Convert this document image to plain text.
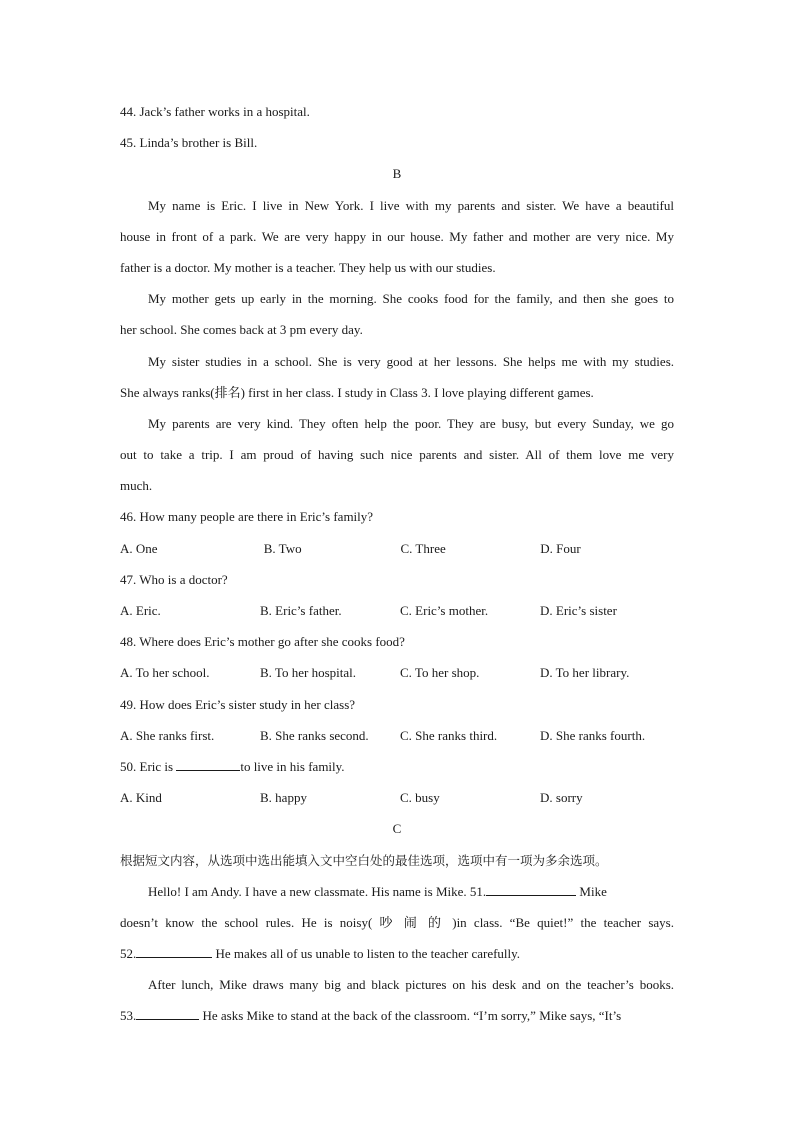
44. Jack’s father works in a hospital.
45. Linda’s brother is Bill.
B
My name is Eric. I live in New York. I live with my parents and sister. We have a beautiful
house in front of a park. We are very happy in our house. My father and mother are very nice. My
father is a doctor. My mother is a teacher. They help us with our studies.
My mother gets up early in the morning. She cooks food for the family, and then she goes to
her school. She comes back at 3 pm every day.
My sister studies in a school. She is very good at her lessons. She helps me with my studies.
She always ranks(排名) first in her class. I study in Class 3. I love playing different games.
My parents are very kind. They often help the poor. They are busy, but every Sunday, we go
out to take a trip. I am proud of having such nice parents and sister. All of them love me very
much.
46. How many people are there in Eric’s family?
A. One	B. Two	C. Three	D. Four
47. Who is a doctor?
A. Eric.	B. Eric’s father.	C. Eric’s mother.	D. Eric’s sister
48. Where does Eric’s mother go after she cooks food?
A. To her school.	B. To her hospital.	C. To her shop.	D. To her library.
49. How does Eric’s sister study in her class?
A. She ranks first.	B. She ranks second.	C. She ranks third.	D. She ranks fourth.
50. Eric is	to live in his family.
A. Kind	B. happy	C. busy	D. sorry
C
根据短文内容，从选项中选出能填入文中空白处的最佳选项，选项中有一项为多余选项。
Hello! I am Andy. I have a new classmate. His name is Mike. 51.	Mike
doesn’t know the school rules. He is noisy( 吵 闹 的 )in class. “Be quiet!” the teacher says.
52.	He makes all of us unable to listen to the teacher carefully.
After lunch, Mike draws many big and black pictures on his desk and on the teacher’s books.
53.	He asks Mike to stand at the back of the classroom. “I’m sorry,” Mike says, “It’s
